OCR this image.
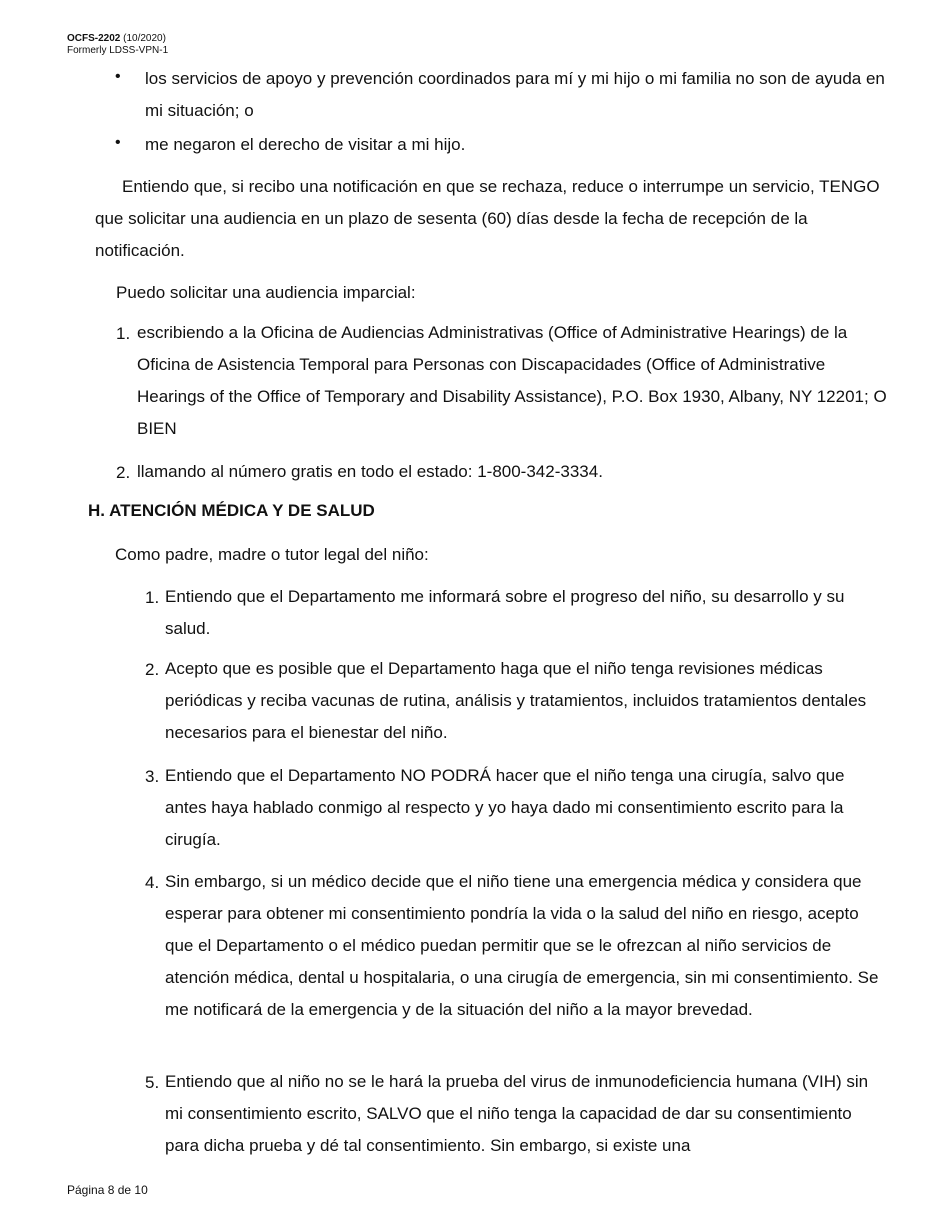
OCFS-2202 (10/2020)
Formerly LDSS-VPN-1
• los servicios de apoyo y prevención coordinados para mí y mi hijo o mi familia no son de ayuda en mi situación; o

• me negaron el derecho de visitar a mi hijo.

Entiendo que, si recibo una notificación en que se rechaza, reduce o interrumpe un servicio, TENGO que solicitar una audiencia en un plazo de sesenta (60) días desde la fecha de recepción de la notificación.

Puedo solicitar una audiencia imparcial:

1. escribiendo a la Oficina de Audiencias Administrativas (Office of Administrative Hearings) de la Oficina de Asistencia Temporal para Personas con Discapacidades (Office of Administrative Hearings of the Office of Temporary and Disability Assistance), P.O. Box 1930, Albany, NY 12201; O BIEN

2. llamando al número gratis en todo el estado: 1-800-342-3334.

H. ATENCIÓN MÉDICA Y DE SALUD

Como padre, madre o tutor legal del niño:

1. Entiendo que el Departamento me informará sobre el progreso del niño, su desarrollo y su salud.

2. Acepto que es posible que el Departamento haga que el niño tenga revisiones médicas periódicas y reciba vacunas de rutina, análisis y tratamientos, incluidos tratamientos dentales necesarios para el bienestar del niño.

3. Entiendo que el Departamento NO PODRÁ hacer que el niño tenga una cirugía, salvo que antes haya hablado conmigo al respecto y yo haya dado mi consentimiento escrito para la cirugía.

4. Sin embargo, si un médico decide que el niño tiene una emergencia médica y considera que esperar para obtener mi consentimiento pondría la vida o la salud del niño en riesgo, acepto que el Departamento o el médico puedan permitir que se le ofrezcan al niño servicios de atención médica, dental u hospitalaria, o una cirugía de emergencia, sin mi consentimiento. Se me notificará de la emergencia y de la situación del niño a la mayor brevedad.

5. Entiendo que al niño no se le hará la prueba del virus de inmunodeficiencia humana (VIH) sin mi consentimiento escrito, SALVO que el niño tenga la capacidad de dar su consentimiento para dicha prueba y dé tal consentimiento. Sin embargo, si existe una

Página 8 de 10
